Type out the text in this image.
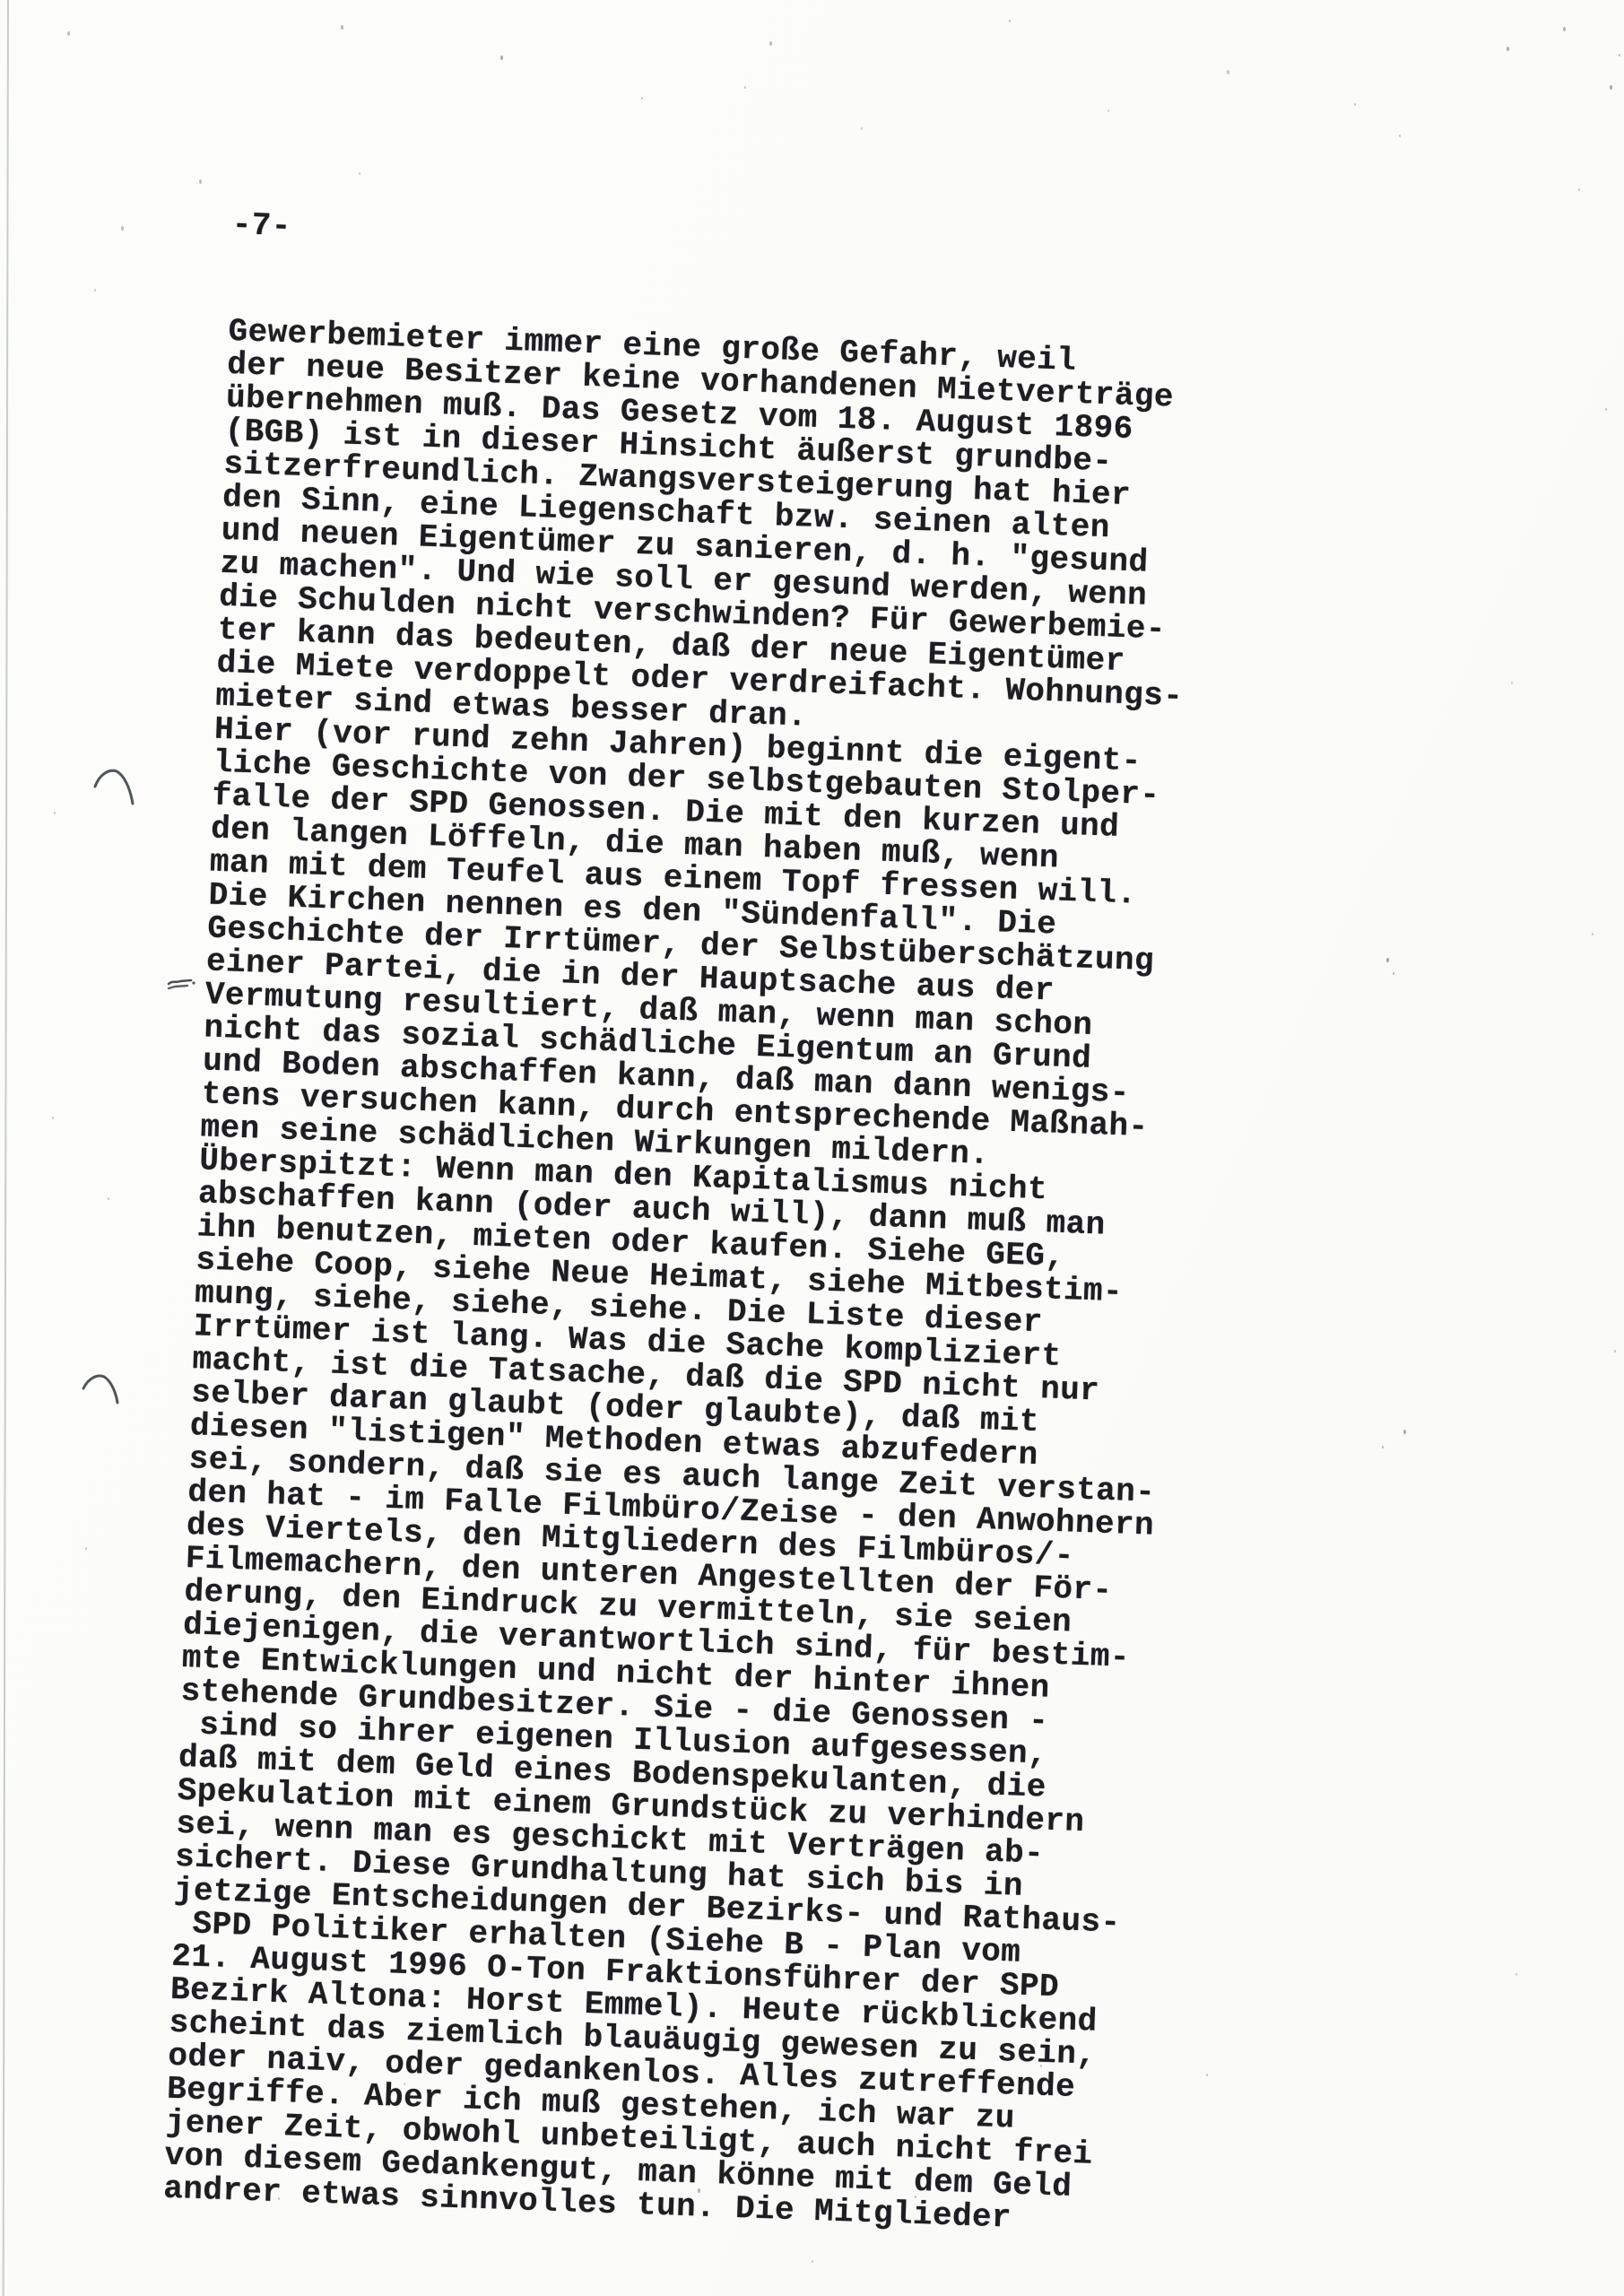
-7-

Gewerbemieter immer eine große Gefahr, weil
der neue Besitzer keine vorhandenen Mietverträge
übernehmen muß. Das Gesetz vom 18. August 1896
(BGB) ist in dieser Hinsicht äußerst grundbe-
sitzerfreundlich. Zwangsversteigerung hat hier
den Sinn, eine Liegenschaft bzw. seinen alten
und neuen Eigentümer zu sanieren, d. h. "gesund
zu machen". Und wie soll er gesund werden, wenn
die Schulden nicht verschwinden? Für Gewerbemie-
ter kann das bedeuten, daß der neue Eigentümer
die Miete verdoppelt oder verdreifacht. Wohnungs-
mieter sind etwas besser dran.
Hier (vor rund zehn Jahren) beginnt die eigent-
liche Geschichte von der selbstgebauten Stolper-
falle der SPD Genossen. Die mit den kurzen und
den langen Löffeln, die man haben muß, wenn
man mit dem Teufel aus einem Topf fressen will.
Die Kirchen nennen es den "Sündenfall". Die
Geschichte der Irrtümer, der Selbstüberschätzung
einer Partei, die in der Hauptsache aus der
Vermutung resultiert, daß man, wenn man schon
nicht das sozial schädliche Eigentum an Grund
und Boden abschaffen kann, daß man dann wenigs-
tens versuchen kann, durch entsprechende Maßnah-
men seine schädlichen Wirkungen mildern.
Überspitzt: Wenn man den Kapitalismus nicht
abschaffen kann (oder auch will), dann muß man
ihn benutzen, mieten oder kaufen. Siehe GEG,
siehe Coop, siehe Neue Heimat, siehe Mitbestim-
mung, siehe, siehe, siehe. Die Liste dieser
Irrtümer ist lang. Was die Sache kompliziert
macht, ist die Tatsache, daß die SPD nicht nur
selber daran glaubt (oder glaubte), daß mit
diesen "listigen" Methoden etwas abzufedern
sei, sondern, daß sie es auch lange Zeit verstan-
den hat - im Falle Filmbüro/Zeise - den Anwohnern
des Viertels, den Mitgliedern des Filmbüros/-
Filmemachern, den unteren Angestellten der För-
derung, den Eindruck zu vermitteln, sie seien
diejenigen, die verantwortlich sind, für bestim-
mte Entwicklungen und nicht der hinter ihnen
stehende Grundbesitzer. Sie - die Genossen -
sind so ihrer eigenen Illusion aufgesessen,
daß mit dem Geld eines Bodenspekulanten, die
Spekulation mit einem Grundstück zu verhindern
sei, wenn man es geschickt mit Verträgen ab-
sichert. Diese Grundhaltung hat sich bis in
jetzige Entscheidungen der Bezirks- und Rathaus-
SPD Politiker erhalten (Siehe B - Plan vom
21. August 1996 O-Ton Fraktionsführer der SPD
Bezirk Altona: Horst Emmel). Heute rückblickend
scheint das ziemlich blauäugig gewesen zu sein,
oder naiv, oder gedankenlos. Alles zutreffende
Begriffe. Aber ich muß gestehen, ich war zu
jener Zeit, obwohl unbeteiligt, auch nicht frei
von diesem Gedankengut, man könne mit dem Geld
andrer etwas sinnvolles tun. Die Mitglieder
